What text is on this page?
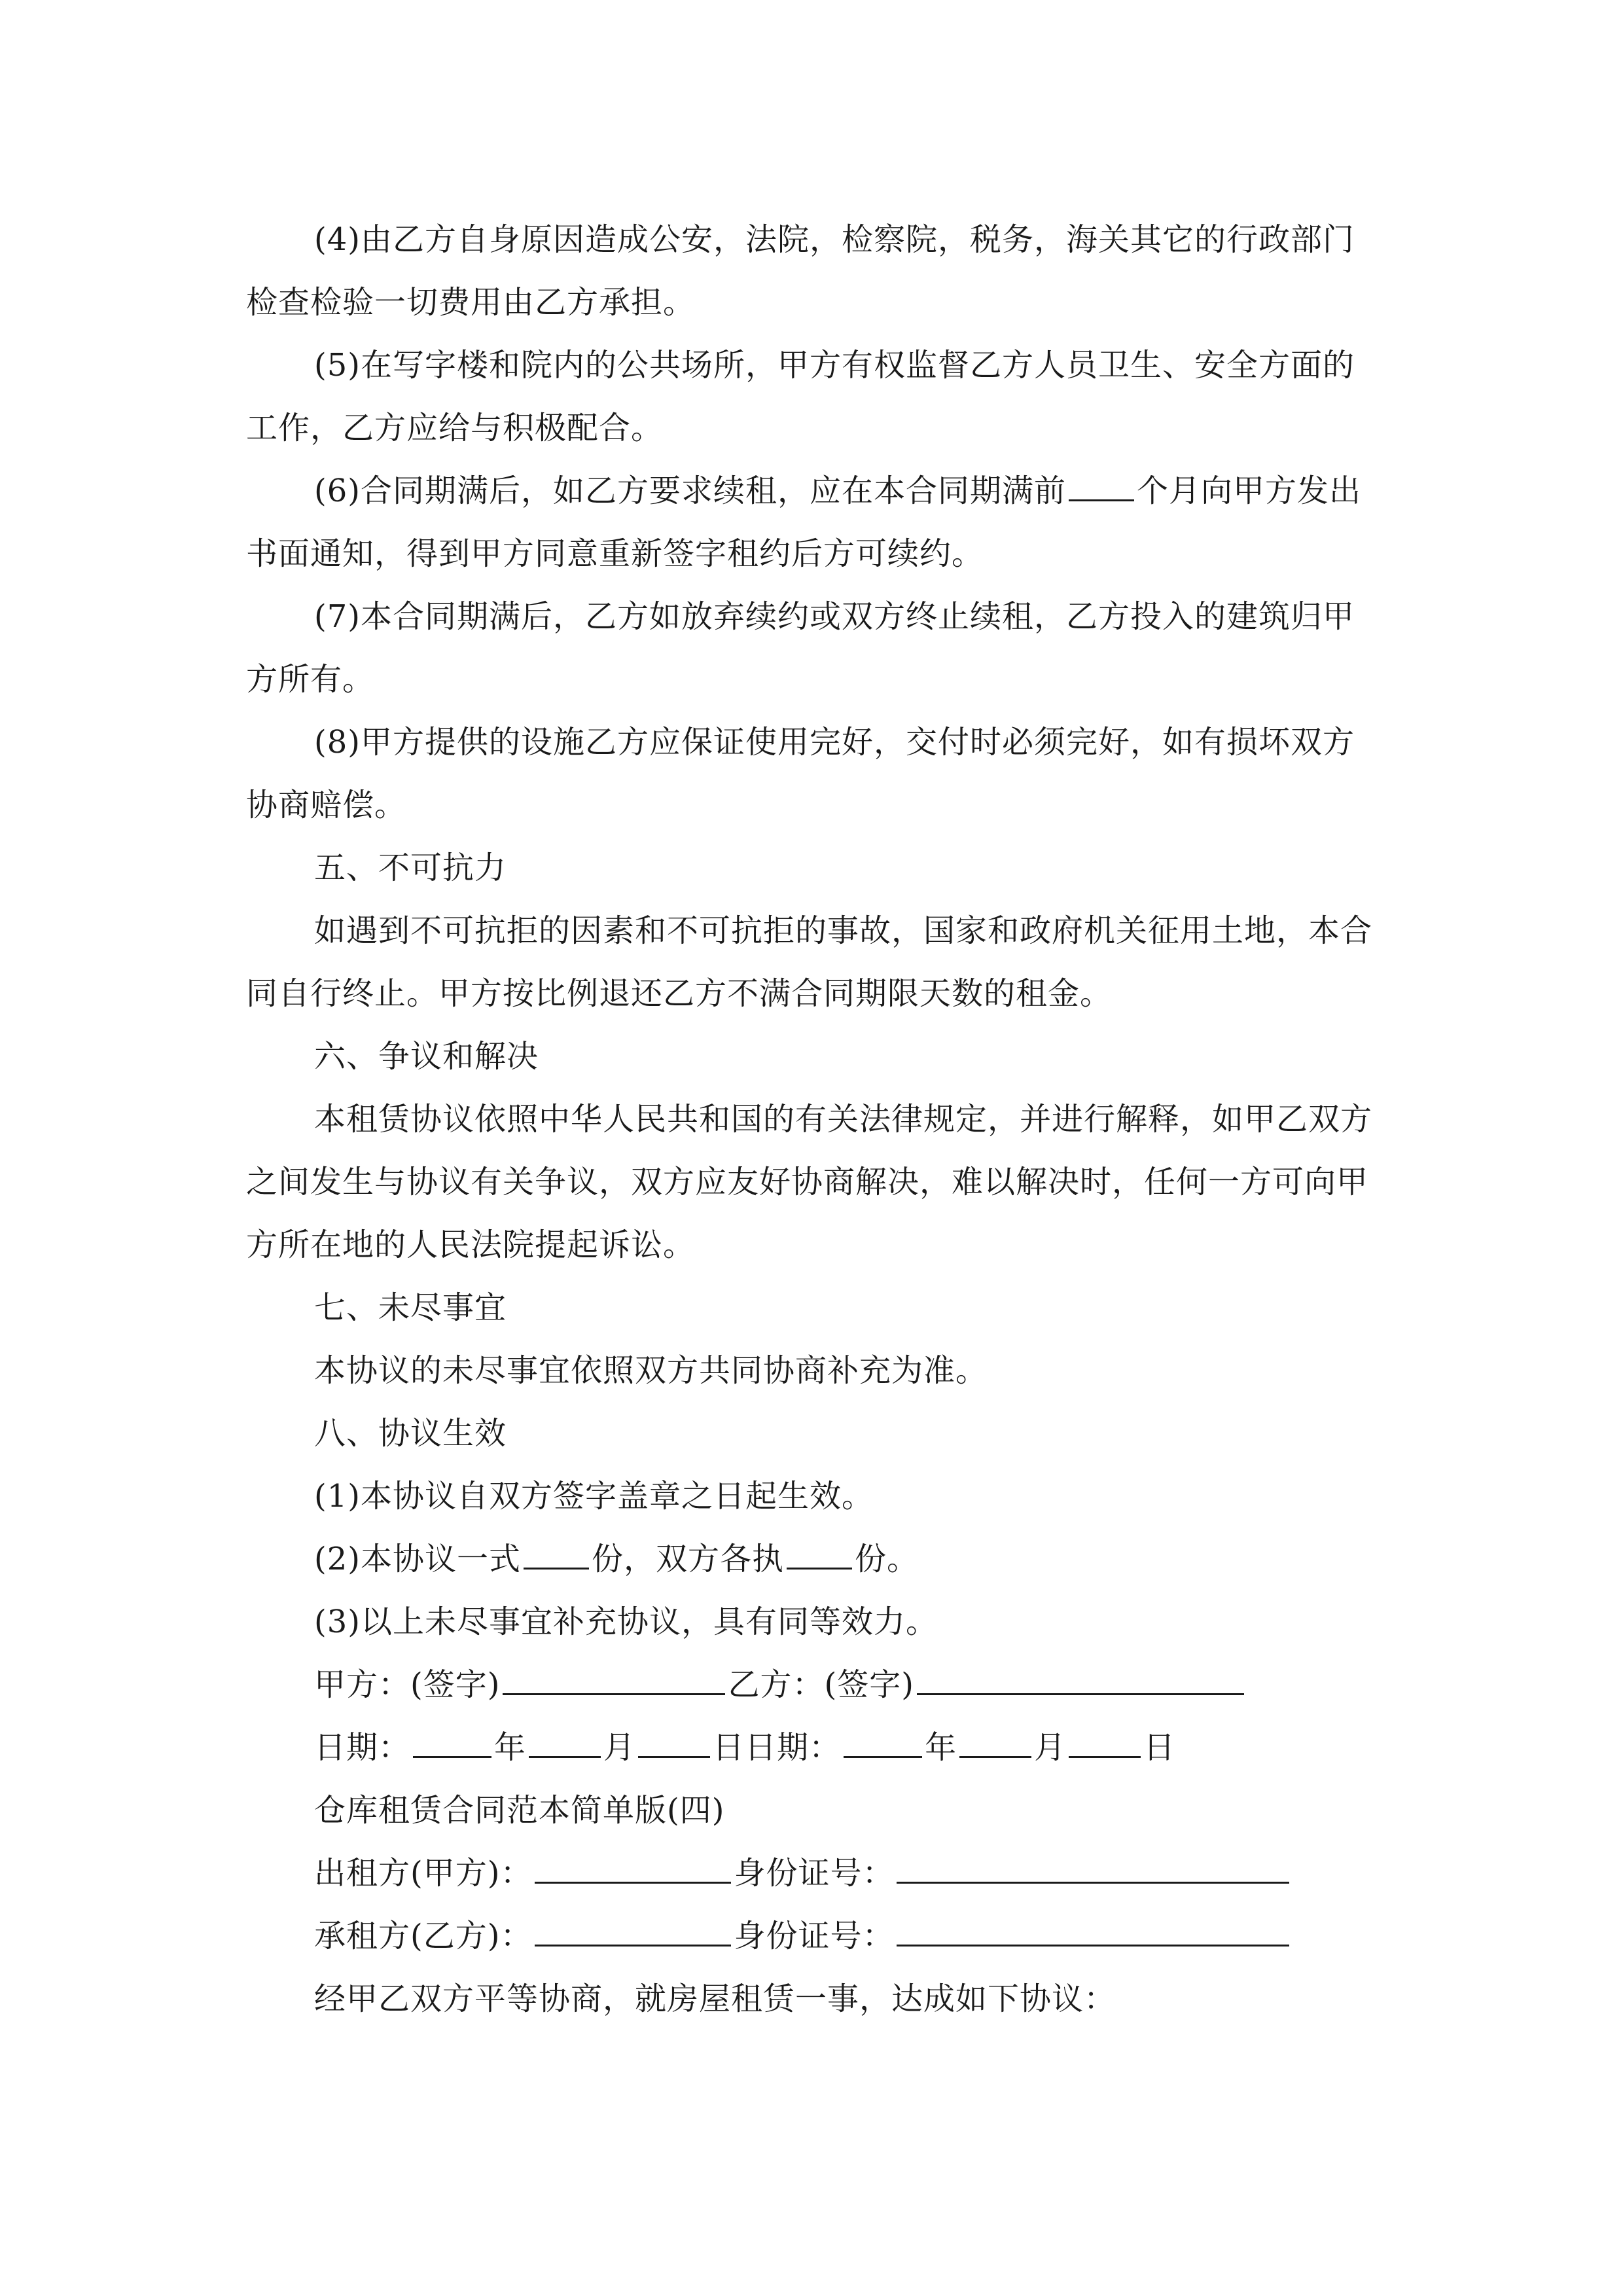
(4)由乙方自身原因造成公安，法院，检察院，税务，海关其它的行政部门
检查检验一切费用由乙方承担。
(5)在写字楼和院内的公共场所，甲方有权监督乙方人员卫生、安全方面的
工作，乙方应给与积极配合。
(6)合同期满后，如乙方要求续租，应在本合同期满前 个月向甲方发出
书面通知，得到甲方同意重新签字租约后方可续约。
(7)本合同期满后，乙方如放弃续约或双方终止续租，乙方投入的建筑归甲
方所有。
(8)甲方提供的设施乙方应保证使用完好，交付时必须完好，如有损坏双方
协商赔偿。
五、不可抗力
如遇到不可抗拒的因素和不可抗拒的事故，国家和政府机关征用土地，本合
同自行终止。甲方按比例退还乙方不满合同期限天数的租金。
六、争议和解决
本租赁协议依照中华人民共和国的有关法律规定，并进行解释，如甲乙双方
之间发生与协议有关争议，双方应友好协商解决，难以解决时，任何一方可向甲
方所在地的人民法院提起诉讼。
七、未尽事宜
本协议的未尽事宜依照双方共同协商补充为准。
八、协议生效
(1)本协议自双方签字盖章之日起生效。
(2)本协议一式 份，双方各执 份。
(3)以上未尽事宜补充协议，具有同等效力。
甲方：(签字)	乙方：(签字)
日期：	年 月 日日期：	年 月 日
仓库租赁合同范本简单版(四)
出租方(甲方)：	身份证号：
承租方(乙方)：	身份证号：
经甲乙双方平等协商，就房屋租赁一事，达成如下协议：
